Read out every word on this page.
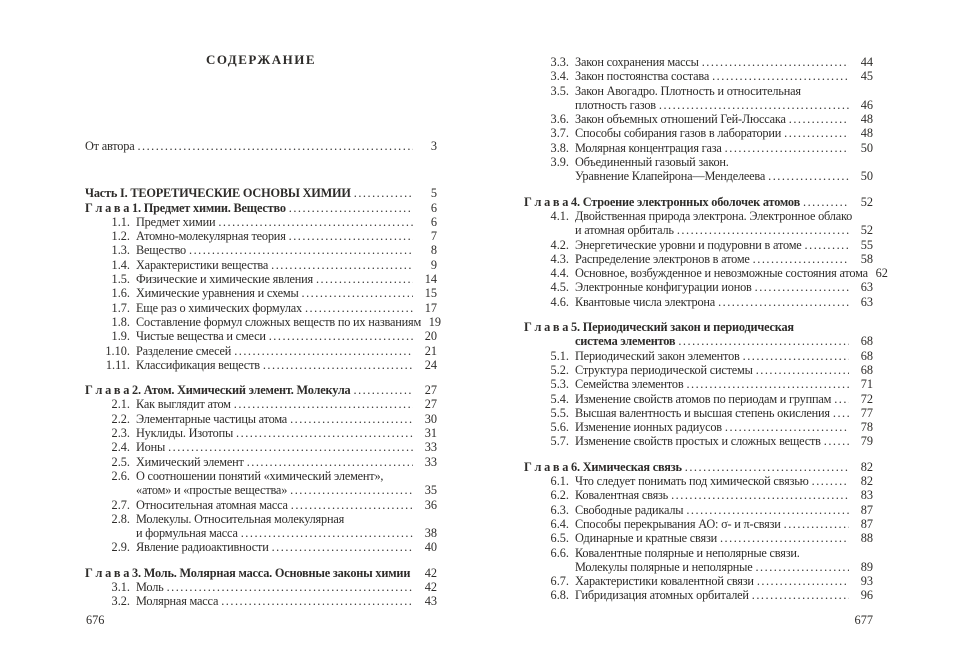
СОДЕРЖАНИЕ
От автора .....	3
Часть I. ТЕОРЕТИЧЕСКИЕ ОСНОВЫ ХИМИИ .....	5
Г л а в а 1. Предмет химии. Вещество .....	6
1.1. Предмет химии .....	6
1.2. Атомно-молекулярная теория .....	7
1.3. Вещество .....	8
1.4. Характеристики вещества .....	9
1.5. Физические и химические явления .....	14
1.6. Химические уравнения и схемы .....	15
1.7. Еще раз о химических формулах .....	17
1.8. Составление формул сложных веществ по их названиям 19
1.9. Чистые вещества и смеси .....	20
1.10. Разделение смесей .....	21
1.11. Классификация веществ .....	24
Г л а в а 2. Атом. Химический элемент. Молекула .....	27
2.1. Как выглядит атом .....	27
2.2. Элементарные частицы атома .....	30
2.3. Нуклиды. Изотопы .....	31
2.4. Ионы .....	33
2.5. Химический элемент .....	33
2.6. О соотношении понятий «химический элемент»,
«атом» и «простые вещества» .....	35
2.7. Относительная атомная масса .....	36
2.8. Молекулы. Относительная молекулярная
и формульная масса .....	38
2.9. Явление радиоактивности .....	40
Г л а в а 3. Моль. Молярная масса. Основные законы химии	42
3.1. Моль .....	42
3.2. Молярная масса .....	43
676
3.3. Закон сохранения массы .....	44
3.4. Закон постоянства состава .....	45
3.5. Закон Авогадро. Плотность и относительная
плотность газов .....	46
3.6. Закон объемных отношений Гей-Люссака .....	48
3.7. Способы собирания газов в лаборатории .....	48
3.8. Молярная концентрация газа .....	50
3.9. Объединенный газовый закон.
Уравнение Клапейрона—Менделеева .....	50
Г л а в а 4. Строение электронных оболочек атомов .....	52
4.1. Двойственная природа электрона. Электронное облако
и атомная орбиталь .....	52
4.2. Энергетические уровни и подуровни в атоме .....	55
4.3. Распределение электронов в атоме .....	58
4.4. Основное, возбужденное и невозможные состояния атома 62
4.5. Электронные конфигурации ионов .....	63
4.6. Квантовые числа электрона .....	63
Г л а в а 5. Периодический закон и периодическая
система элементов .....	68
5.1. Периодический закон элементов .....	68
5.2. Структура периодической системы .....	68
5.3. Семейства элементов .....	71
5.4. Изменение свойств атомов по периодам и группам .....	72
5.5. Высшая валентность и высшая степень окисления .....	77
5.6. Изменение ионных радиусов .....	78
5.7. Изменение свойств простых и сложных веществ .....	79
Г л а в а 6. Химическая связь .....	82
6.1. Что следует понимать под химической связью .....	82
6.2. Ковалентная связь .....	83
6.3. Свободные радикалы .....	87
6.4. Способы перекрывания АО: σ- и π-связи .....	87
6.5. Одинарные и кратные связи .....	88
6.6. Ковалентные полярные и неполярные связи.
Молекулы полярные и неполярные .....	89
6.7. Характеристики ковалентной связи .....	93
6.8. Гибридизация атомных орбиталей .....	96
677
